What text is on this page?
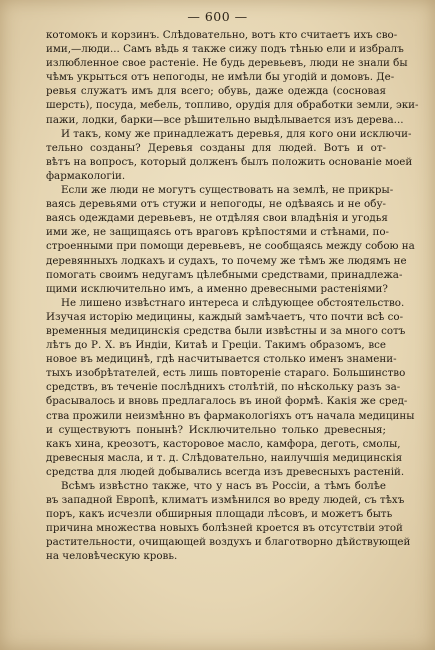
— 600 —
котомокъ и корзинъ. Слѣдовательно, вотъ кто считаетъ ихъ сво-
ими,—люди... Самъ вѣдь я также сижу подъ тѣнью ели и избралъ
излюбленное свое растеніе. Не будь деревьевъ, люди не знали бы
чѣмъ укрыться отъ непогоды, не имѣли бы угодій и домовъ. Де-
ревья служатъ имъ для всего; обувь, даже одежда (сосновая
шерсть), посуда, мебель, топливо, орудія для обработки земли, эки-
пажи, лодки, барки—все рѣшительно выдѣлывается изъ дерева...
И такъ, кому же принадлежатъ деревья, для кого они исключи-
тельно созданы? Деревья созданы для людей. Вотъ и от-
вѣтъ на вопросъ, который долженъ былъ положить основаніе моей
фармакологіи.
Если же люди не могутъ существовать на землѣ, не прикры-
ваясь деревьями отъ стужи и непогоды, не одѣваясь и не обу-
ваясь одеждами деревьевъ, не отдѣляя свои владѣнія и угодья
ими же, не защищаясь отъ враговъ крѣпостями и стѣнами, по-
строенными при помощи деревьевъ, не сообщаясь между собою на
деревянныхъ лодкахъ и судахъ, то почему же тѣмъ же людямъ не
помогать своимъ недугамъ цѣлебными средствами, принадлежа-
щими исключительно имъ, а именно древесными растеніями?
Не лишено извѣстнаго интереса и слѣдующее обстоятельство.
Изучая исторію медицины, каждый замѣчаетъ, что почти всѣ со-
временныя медицинскія средства были извѣстны и за много сотъ
лѣтъ до Р. Х. въ Индіи, Китаѣ и Греціи. Такимъ образомъ, все
новое въ медицинѣ, гдѣ насчитывается столько именъ знамени-
тыхъ изобрѣтателей, есть лишь повтореніе стараго. Большинство
средствъ, въ теченіе послѣднихъ столѣтій, по нѣскольку разъ за-
брасывалось и вновь предлагалось въ иной формѣ. Какія же сред-
ства прожили неизмѣнно въ фармакологіяхъ отъ начала медицины
и существуютъ понынѣ? Исключительно только древесныя;
какъ хина, креозотъ, касторовое масло, камфора, деготь, смолы,
древесныя масла, и т. д. Слѣдовательно, наилучшія медицинскія
средства для людей добывались всегда изъ древесныхъ растеній.
Всѣмъ извѣстно также, что у насъ въ Россіи, а тѣмъ болѣе
въ западной Европѣ, климатъ измѣнился во вреду людей, съ тѣхъ
поръ, какъ исчезли обширныя площади лѣсовъ, и можетъ быть
причина множества новыхъ болѣзней кроется въ отсутствіи этой
растительности, очищающей воздухъ и благотворно дѣйствующей
на человѣческую кровь.
